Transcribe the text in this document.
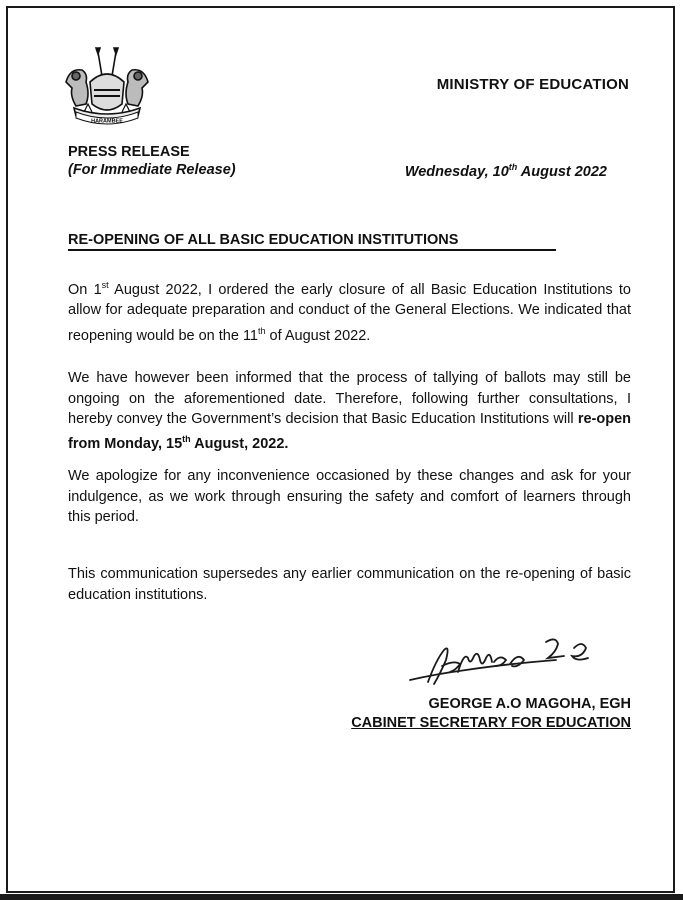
HARAMBEE
MINISTRY OF EDUCATION
PRESS RELEASE
(For Immediate Release)	Wednesday, 10th August 2022
RE-OPENING OF ALL BASIC EDUCATION INSTITUTIONS
On 1st August 2022, I ordered the early closure of all Basic Education Institutions to allow for adequate preparation and conduct of the General Elections. We indicated that reopening would be on the 11th of August 2022.
We have however been informed that the process of tallying of ballots may still be ongoing on the aforementioned date. Therefore, following further consultations, I hereby convey the Government’s decision that Basic Education Institutions will re-open from Monday, 15th August, 2022.
We apologize for any inconvenience occasioned by these changes and ask for your indulgence, as we work through ensuring the safety and comfort of learners through this period.
This communication supersedes any earlier communication on the re-opening of basic education institutions.
GEORGE A.O MAGOHA, EGH
CABINET SECRETARY FOR EDUCATION
